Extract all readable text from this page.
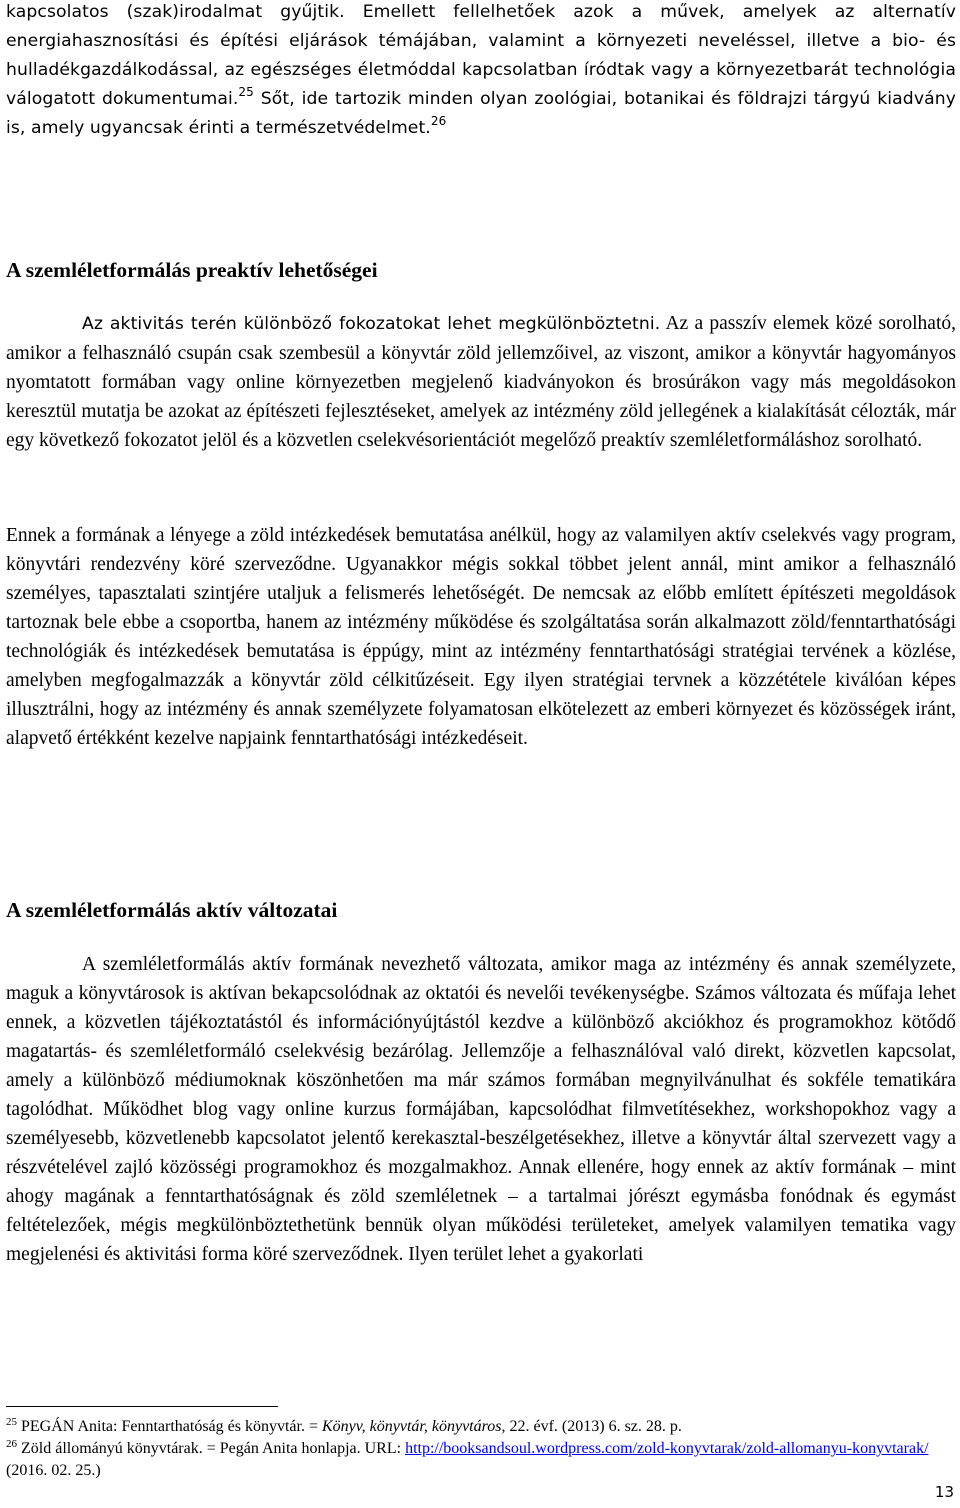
kapcsolatos (szak)irodalmat gyűjtik. Emellett fellelhetőek azok a művek, amelyek az alternatív energiahasznosítási és építési eljárások témájában, valamint a környezeti neveléssel, illetve a bio- és hulladékgazdálkodással, az egészséges életmóddal kapcsolatban íródtak vagy a környezetbarát technológia válogatott dokumentumai.$^{25}$ Sőt, ide tartozik minden olyan zoológiai, botanikai és földrajzi tárgyú kiadvány is, amely ugyancsak érinti a természetvédelmet.$^{26}$

A szemléletformálás preaktív lehetőségei

Az aktivitás terén különböző fokozatokat lehet megkülönböztetni. Az a passzív elemek közé sorolható, amikor a felhasználó csupán csak szembesül a könyvtár zöld jellemzőivel, az viszont, amikor a könyvtár hagyományos nyomtatott formában vagy online környezetben megjelenő kiadványokon és brosúrákon vagy más megoldásokon keresztül mutatja be azokat az építészeti fejlesztéseket, amelyek az intézmény zöld jellegének a kialakítását célozták, már egy következő fokozatot jelöl és a közvetlen cselekvésorientációt megelőző preaktív szemléletformáláshoz sorolható.

Ennek a formának a lényege a zöld intézkedések bemutatása anélkül, hogy az valamilyen aktív cselekvés vagy program, könyvtári rendezvény köré szerveződne. Ugyanakkor mégis sokkal többet jelent annál, mint amikor a felhasználó személyes, tapasztalati szintjére utaljuk a felismerés lehetőségét. De nemcsak az előbb említett építészeti megoldások tartoznak bele ebbe a csoportba, hanem az intézmény működése és szolgáltatása során alkalmazott zöld/fenntarthatósági technológiák és intézkedések bemutatása is éppúgy, mint az intézmény fenntarthatósági stratégiai tervének a közlése, amelyben megfogalmazzák a könyvtár zöld célkitűzéseit. Egy ilyen stratégiai tervnek a közzététele kiválóan képes illusztrálni, hogy az intézmény és annak személyzete folyamatosan elkötelezett az emberi környezet és közösségek iránt, alapvető értékként kezelve napjaink fenntarthatósági intézkedéseit.

A szemléletformálás aktív változatai

A szemléletformálás aktív formának nevezhető változata, amikor maga az intézmény és annak személyzete, maguk a könyvtárosok is aktívan bekapcsolódnak az oktatói és nevelői tevékenységbe. Számos változata és műfaja lehet ennek, a közvetlen tájékoztatástól és információnyújtástól kezdve a különböző akciókhoz és programokhoz kötődő magatartás- és szemléletformáló cselekvésig bezárólag. Jellemzője a felhasználóval való direkt, közvetlen kapcsolat, amely a különböző médiumoknak köszönhetően ma már számos formában megnyilvánulhat és sokféle tematikára tagolódhat. Működhet blog vagy online kurzus formájában, kapcsolódhat filmvetítésekhez, workshopokhoz vagy a személyesebb, közvetlenebb kapcsolatot jelentő kerekasztal-beszélgetésekhez, illetve a könyvtár által szervezett vagy a részvételével zajló közösségi programokhoz és mozgalmakhoz. Annak ellenére, hogy ennek az aktív formának – mint ahogy magának a fenntarthatóságnak és zöld szemléletnek – a tartalmai jórészt egymásba fonódnak és egymást feltételezőek, mégis megkülönböztethetünk bennük olyan működési területeket, amelyek valamilyen tematika vagy megjelenési és aktivitási forma köré szerveződnek. Ilyen terület lehet a gyakorlati

$^{25}$ PEGÁN Anita: Fenntarthatóság és könyvtár. = Könyv, könyvtár, könyvtáros, 22. évf. (2013) 6. sz. 28. p.
$^{26}$ Zöld állományú könyvtárak. = Pegán Anita honlapja. URL: http://booksandsoul.wordpress.com/zold-konyvtarak/zold-allomanyu-konyvtarak/ (2016. 02. 25.)
13
